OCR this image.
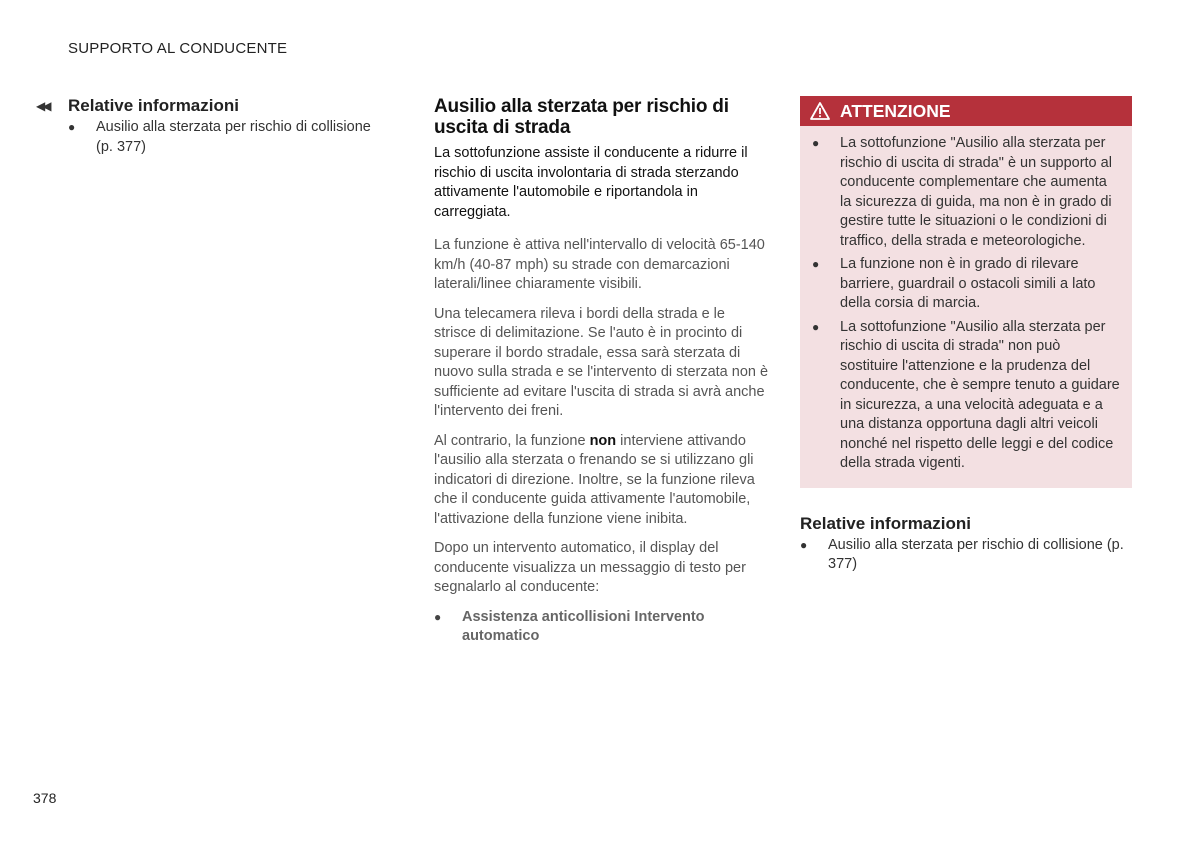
SUPPORTO AL CONDUCENTE
◀◀	Relative informazioni
● Ausilio alla sterzata per rischio di collisione (p. 377)
Ausilio alla sterzata per rischio di uscita di strada

La sottofunzione assiste il conducente a ridurre il rischio di uscita involontaria di strada sterzando attivamente l'automobile e riportandola in carreggiata.

La funzione è attiva nell'intervallo di velocità 65-140 km/h (40-87 mph) su strade con demarcazioni laterali/linee chiaramente visibili.

Una telecamera rileva i bordi della strada e le strisce di delimitazione. Se l'auto è in procinto di superare il bordo stradale, essa sarà sterzata di nuovo sulla strada e se l'intervento di sterzata non è sufficiente ad evitare l'uscita di strada si avrà anche l'intervento dei freni.

Al contrario, la funzione non interviene attivando l'ausilio alla sterzata o frenando se si utilizzano gli indicatori di direzione. Inoltre, se la funzione rileva che il conducente guida attivamente l'automobile, l'attivazione della funzione viene inibita.

Dopo un intervento automatico, il display del conducente visualizza un messaggio di testo per segnalarlo al conducente:

● Assistenza anticollisioni Intervento automatico
ATTENZIONE
● La sottofunzione "Ausilio alla sterzata per rischio di uscita di strada" è un supporto al conducente complementare che aumenta la sicurezza di guida, ma non è in grado di gestire tutte le situazioni o le condizioni di traffico, della strada e meteorologiche.
● La funzione non è in grado di rilevare barriere, guardrail o ostacoli simili a lato della corsia di marcia.
● La sottofunzione "Ausilio alla sterzata per rischio di uscita di strada" non può sostituire l'attenzione e la prudenza del conducente, che è sempre tenuto a guidare in sicurezza, a una velocità adeguata e a una distanza opportuna dagli altri veicoli nonché nel rispetto delle leggi e del codice della strada vigenti.
Relative informazioni
● Ausilio alla sterzata per rischio di collisione (p. 377)
378
